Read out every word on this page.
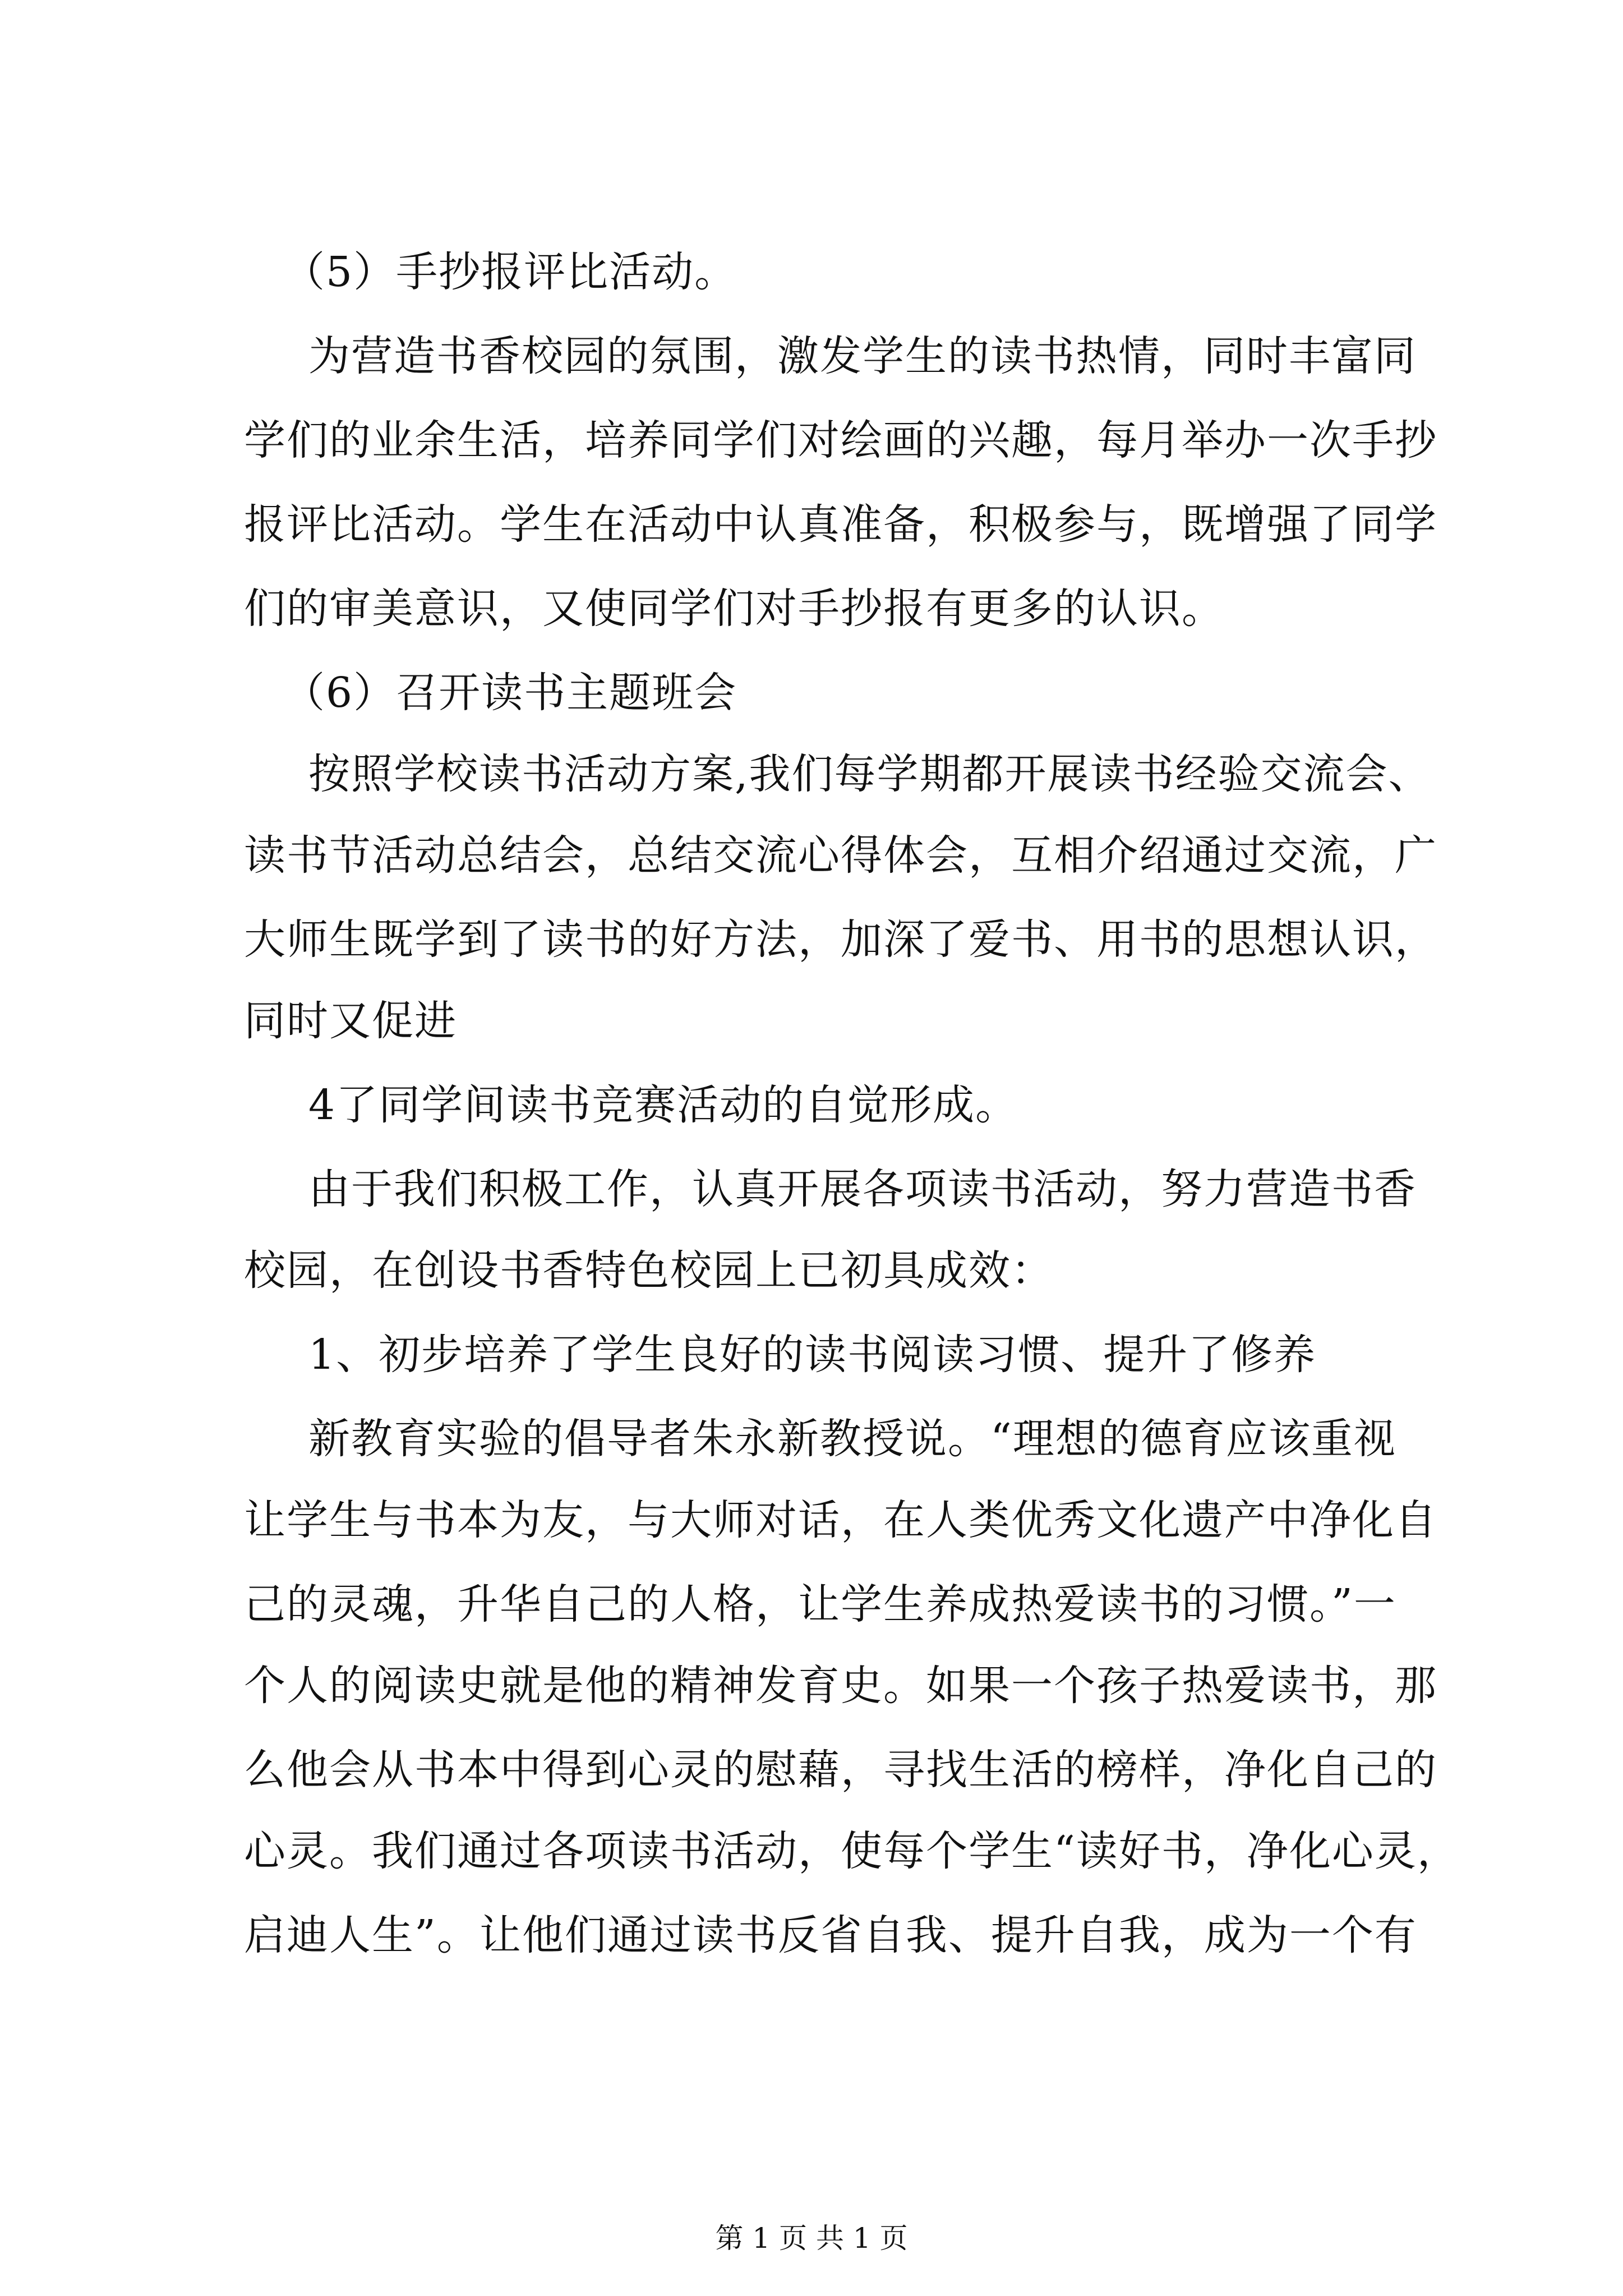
（5）手抄报评比活动。
为营造书香校园的氛围，激发学生的读书热情，同时丰富同
学们的业余生活，培养同学们对绘画的兴趣，每月举办一次手抄
报评比活动。学生在活动中认真准备，积极参与，既增强了同学
们的审美意识，又使同学们对手抄报有更多的认识。
（6）召开读书主题班会
按照学校读书活动方案,我们每学期都开展读书经验交流会、
读书节活动总结会，总结交流心得体会，互相介绍通过交流，广
大师生既学到了读书的好方法，加深了爱书、用书的思想认识，
同时又促进
4了同学间读书竞赛活动的自觉形成。
由于我们积极工作，认真开展各项读书活动，努力营造书香
校园，在创设书香特色校园上已初具成效：
1、初步培养了学生良好的读书阅读习惯、提升了修养
新教育实验的倡导者朱永新教授说。“理想的德育应该重视
让学生与书本为友，与大师对话，在人类优秀文化遗产中净化自
己的灵魂，升华自己的人格，让学生养成热爱读书的习惯。”一
个人的阅读史就是他的精神发育史。如果一个孩子热爱读书，那
么他会从书本中得到心灵的慰藉，寻找生活的榜样，净化自己的
心灵。我们通过各项读书活动，使每个学生“读好书，净化心灵，
启迪人生”。让他们通过读书反省自我、提升自我，成为一个有
第 1 页 共 1 页
